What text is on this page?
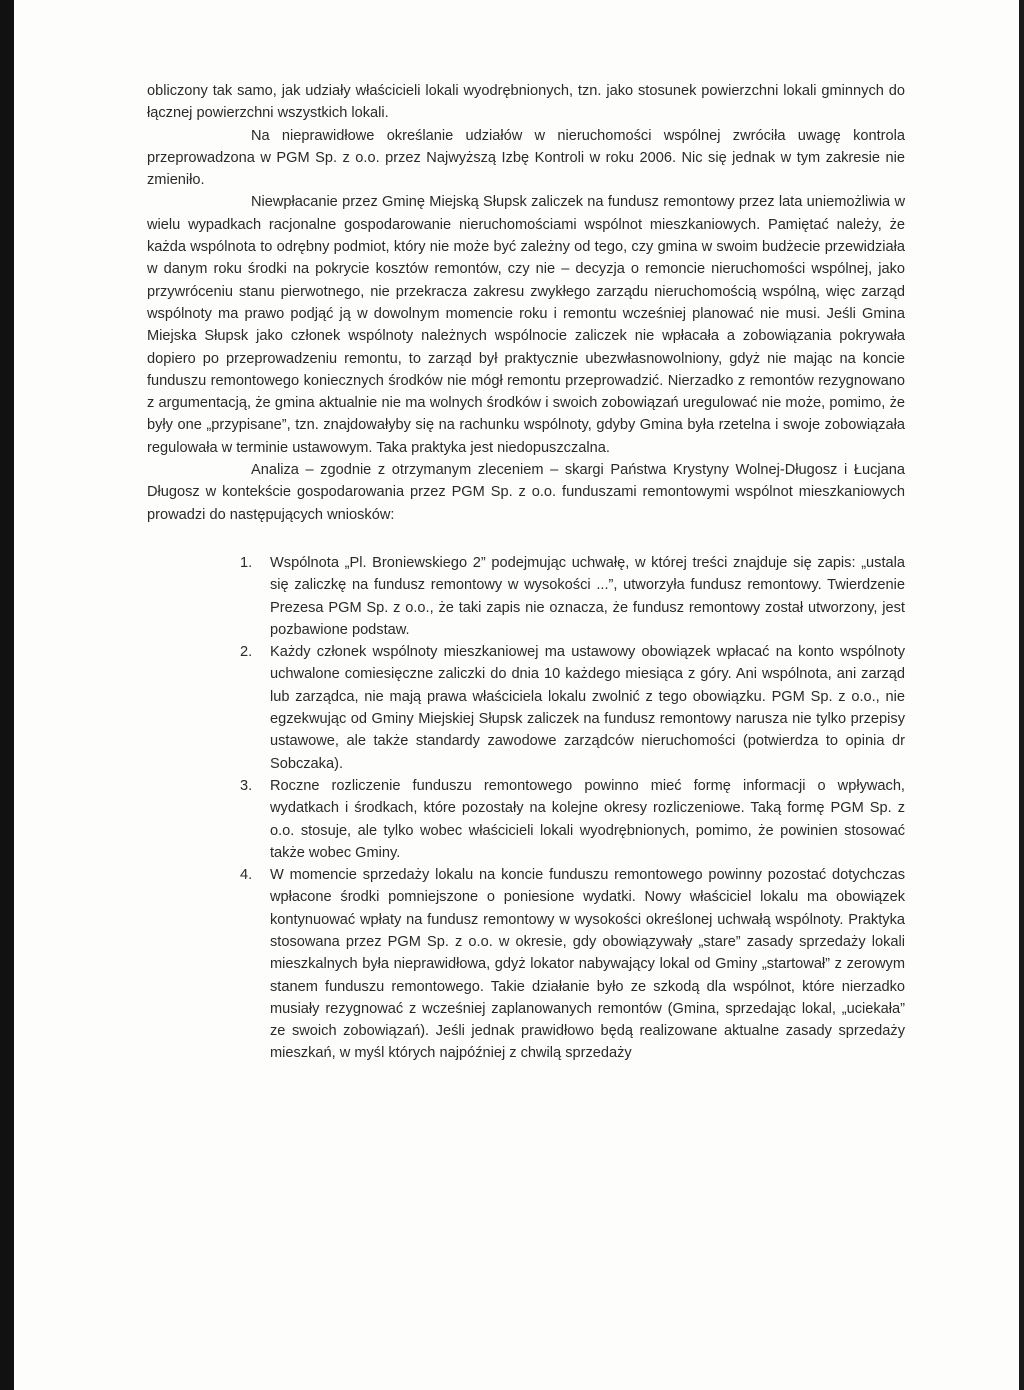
obliczony tak samo, jak udziały właścicieli lokali wyodrębnionych, tzn. jako stosunek powierzchni lokali gminnych do łącznej powierzchni wszystkich lokali.

Na nieprawidłowe określanie udziałów w nieruchomości wspólnej zwróciła uwagę kontrola przeprowadzona w PGM Sp. z o.o. przez Najwyższą Izbę Kontroli w roku 2006. Nic się jednak w tym zakresie nie zmieniło.

Niewpłacanie przez Gminę Miejską Słupsk zaliczek na fundusz remontowy przez lata uniemożliwia w wielu wypadkach racjonalne gospodarowanie nieruchomościami wspólnot mieszkaniowych. Pamiętać należy, że każda wspólnota to odrębny podmiot, który nie może być zależny od tego, czy gmina w swoim budżecie przewidziała w danym roku środki na pokrycie kosztów remontów, czy nie – decyzja o remoncie nieruchomości wspólnej, jako przywróceniu stanu pierwotnego, nie przekracza zakresu zwykłego zarządu nieruchomością wspólną, więc zarząd wspólnoty ma prawo podjąć ją w dowolnym momencie roku i remontu wcześniej planować nie musi. Jeśli Gmina Miejska Słupsk jako członek wspólnoty należnych wspólnocie zaliczek nie wpłacała a zobowiązania pokrywała dopiero po przeprowadzeniu remontu, to zarząd był praktycznie ubezwłasnowolniony, gdyż nie mając na koncie funduszu remontowego koniecznych środków nie mógł remontu przeprowadzić. Nierzadko z remontów rezygnowano z argumentacją, że gmina aktualnie nie ma wolnych środków i swoich zobowiązań uregulować nie może, pomimo, że były one „przypisane”, tzn. znajdowałyby się na rachunku wspólnoty, gdyby Gmina była rzetelna i swoje zobowiązała regulowała w terminie ustawowym. Taka praktyka jest niedopuszczalna.

Analiza – zgodnie z otrzymanym zleceniem – skargi Państwa Krystyny Wolnej-Długosz i Łucjana Długosz w kontekście gospodarowania przez PGM Sp. z o.o. funduszami remontowymi wspólnot mieszkaniowych prowadzi do następujących wniosków:

1. Wspólnota „Pl. Broniewskiego 2” podejmując uchwałę, w której treści znajduje się zapis: „ustala się zaliczkę na fundusz remontowy w wysokości ...”, utworzyła fundusz remontowy. Twierdzenie Prezesa PGM Sp. z o.o., że taki zapis nie oznacza, że fundusz remontowy został utworzony, jest pozbawione podstaw.
2. Każdy członek wspólnoty mieszkaniowej ma ustawowy obowiązek wpłacać na konto wspólnoty uchwalone comiesięczne zaliczki do dnia 10 każdego miesiąca z góry. Ani wspólnota, ani zarząd lub zarządca, nie mają prawa właściciela lokalu zwolnić z tego obowiązku. PGM Sp. z o.o., nie egzekwując od Gminy Miejskiej Słupsk zaliczek na fundusz remontowy narusza nie tylko przepisy ustawowe, ale także standardy zawodowe zarządców nieruchomości (potwierdza to opinia dr Sobczaka).
3. Roczne rozliczenie funduszu remontowego powinno mieć formę informacji o wpływach, wydatkach i środkach, które pozostały na kolejne okresy rozliczeniowe. Taką formę PGM Sp. z o.o. stosuje, ale tylko wobec właścicieli lokali wyodrębnionych, pomimo, że powinien stosować także wobec Gminy.
4. W momencie sprzedaży lokalu na koncie funduszu remontowego powinny pozostać dotychczas wpłacone środki pomniejszone o poniesione wydatki. Nowy właściciel lokalu ma obowiązek kontynuować wpłaty na fundusz remontowy w wysokości określonej uchwałą wspólnoty. Praktyka stosowana przez PGM Sp. z o.o. w okresie, gdy obowiązywały „stare” zasady sprzedaży lokali mieszkalnych była nieprawidłowa, gdyż lokator nabywający lokal od Gminy „startował” z zerowym stanem funduszu remontowego. Takie działanie było ze szkodą dla wspólnot, które nierzadko musiały rezygnować z wcześniej zaplanowanych remontów (Gmina, sprzedając lokal, „uciekała” ze swoich zobowiązań). Jeśli jednak prawidłowo będą realizowane aktualne zasady sprzedaży mieszkań, w myśl których najpóźniej z chwilą sprzedaży
